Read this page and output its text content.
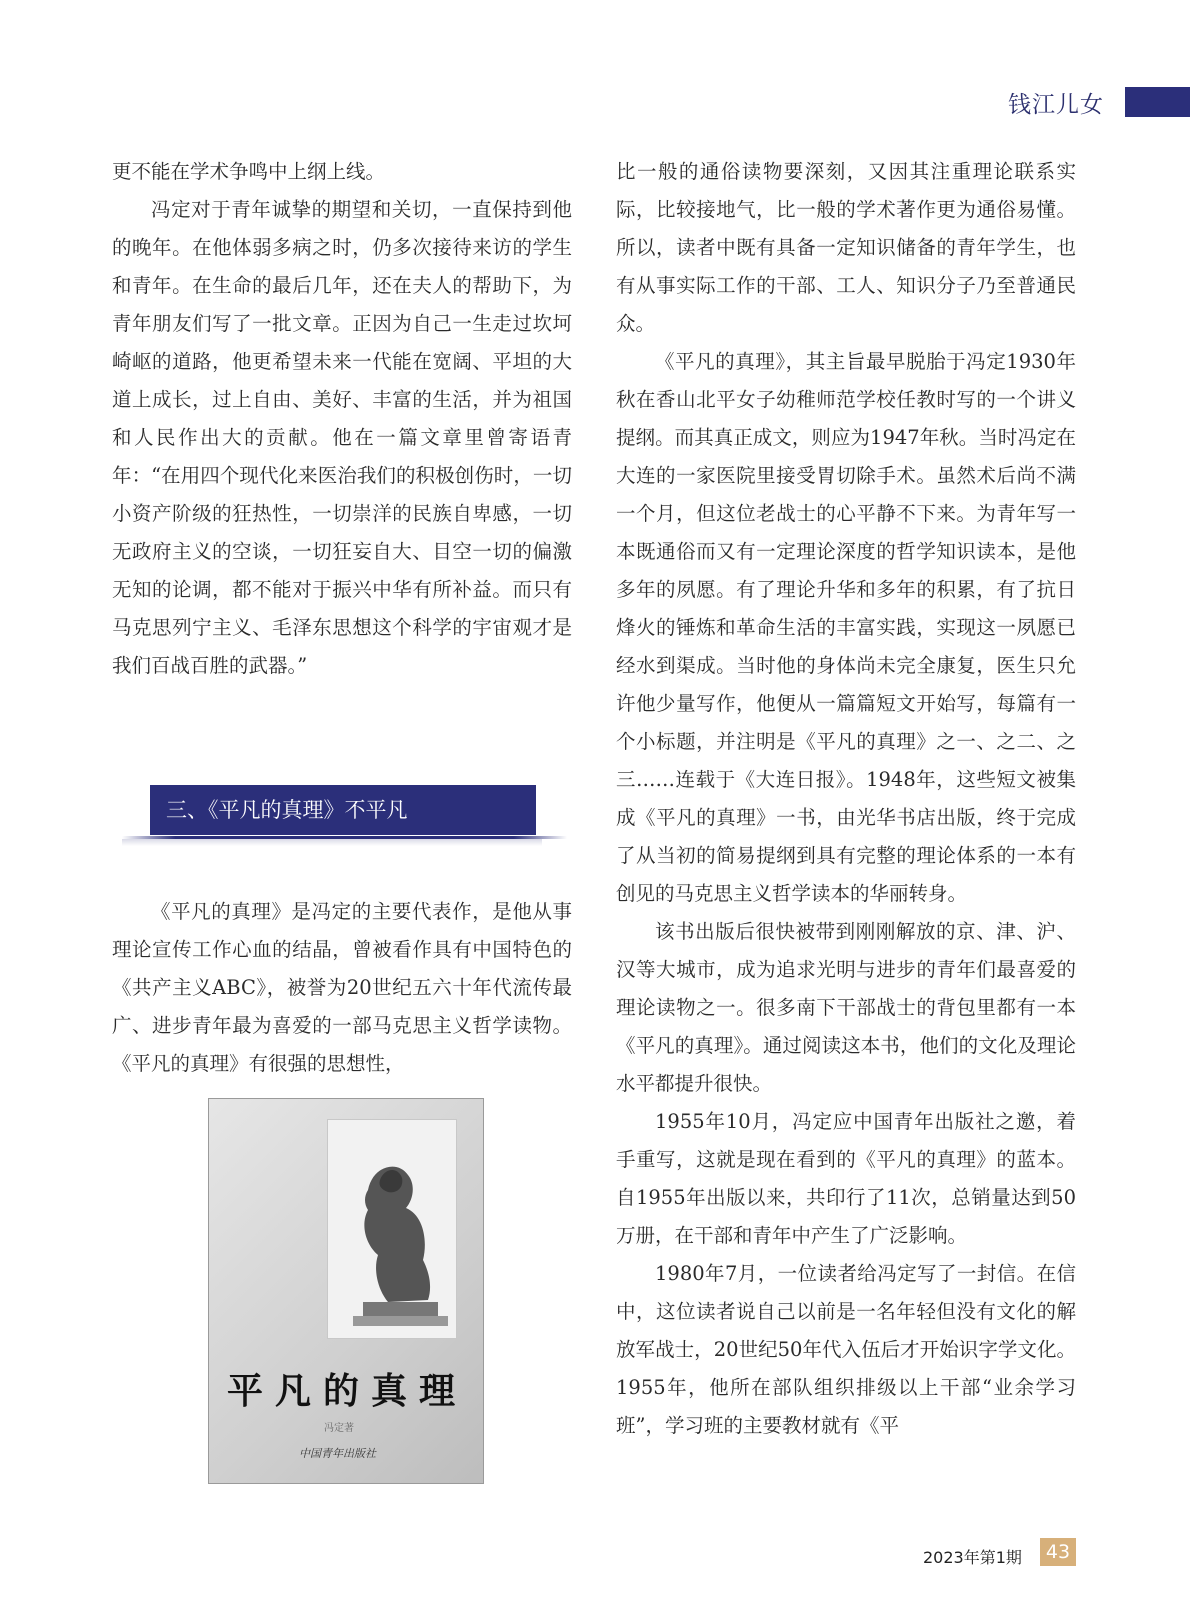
钱江儿女

更不能在学术争鸣中上纲上线。

冯定对于青年诚挚的期望和关切，一直保持到他的晚年。在他体弱多病之时，仍多次接待来访的学生和青年。在生命的最后几年，还在夫人的帮助下，为青年朋友们写了一批文章。正因为自己一生走过坎坷崎岖的道路，他更希望未来一代能在宽阔、平坦的大道上成长，过上自由、美好、丰富的生活，并为祖国和人民作出大的贡献。他在一篇文章里曾寄语青年：“在用四个现代化来医治我们的积极创伤时，一切小资产阶级的狂热性，一切崇洋的民族自卑感，一切无政府主义的空谈，一切狂妄自大、目空一切的偏激无知的论调，都不能对于振兴中华有所补益。而只有马克思列宁主义、毛泽东思想这个科学的宇宙观才是我们百战百胜的武器。”

三、《平凡的真理》不平凡

《平凡的真理》是冯定的主要代表作，是他从事理论宣传工作心血的结晶，曾被看作具有中国特色的《共产主义ABC》，被誉为20世纪五六十年代流传最广、进步青年最为喜爱的一部马克思主义哲学读物。《平凡的真理》有很强的思想性，

平凡的真理
冯定著
中国青年出版社

比一般的通俗读物要深刻，又因其注重理论联系实际，比较接地气，比一般的学术著作更为通俗易懂。所以，读者中既有具备一定知识储备的青年学生，也有从事实际工作的干部、工人、知识分子乃至普通民众。

《平凡的真理》，其主旨最早脱胎于冯定1930年秋在香山北平女子幼稚师范学校任教时写的一个讲义提纲。而其真正成文，则应为1947年秋。当时冯定在大连的一家医院里接受胃切除手术。虽然术后尚不满一个月，但这位老战士的心平静不下来。为青年写一本既通俗而又有一定理论深度的哲学知识读本，是他多年的夙愿。有了理论升华和多年的积累，有了抗日烽火的锤炼和革命生活的丰富实践，实现这一夙愿已经水到渠成。当时他的身体尚未完全康复，医生只允许他少量写作，他便从一篇篇短文开始写，每篇有一个小标题，并注明是《平凡的真理》之一、之二、之三……连载于《大连日报》。1948年，这些短文被集成《平凡的真理》一书，由光华书店出版，终于完成了从当初的简易提纲到具有完整的理论体系的一本有创见的马克思主义哲学读本的华丽转身。

该书出版后很快被带到刚刚解放的京、津、沪、汉等大城市，成为追求光明与进步的青年们最喜爱的理论读物之一。很多南下干部战士的背包里都有一本《平凡的真理》。通过阅读这本书，他们的文化及理论水平都提升很快。

1955年10月，冯定应中国青年出版社之邀，着手重写，这就是现在看到的《平凡的真理》的蓝本。自1955年出版以来，共印行了11次，总销量达到50万册，在干部和青年中产生了广泛影响。

1980年7月，一位读者给冯定写了一封信。在信中，这位读者说自己以前是一名年轻但没有文化的解放军战士，20世纪50年代入伍后才开始识字学文化。1955年，他所在部队组织排级以上干部“业余学习班”，学习班的主要教材就有《平

2023年第1期	43
